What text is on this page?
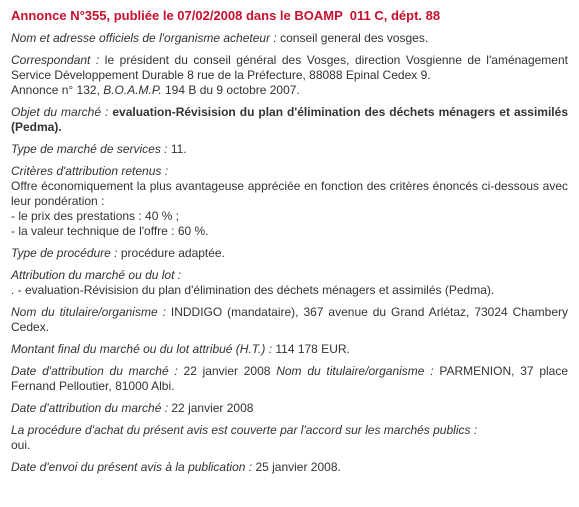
Annonce N°355, publiée le 07/02/2008 dans le BOAMP  011 C, dépt. 88
Nom et adresse officiels de l'organisme acheteur : conseil general des vosges.
Correspondant : le président du conseil général des Vosges, direction Vosgienne de l'aménagement Service Développement Durable 8 rue de la Préfecture, 88088 Epinal Cedex 9.
Annonce n° 132, B.O.A.M.P. 194 B du 9 octobre 2007.
Objet du marché : evaluation-Révisision du plan d'élimination des déchets ménagers et assimilés (Pedma).
Type de marché de services : 11.
Critères d'attribution retenus :
Offre économiquement la plus avantageuse appréciée en fonction des critères énoncés ci-dessous avec leur pondération :
- le prix des prestations : 40 % ;
- la valeur technique de l'offre : 60 %.
Type de procédure : procédure adaptée.
Attribution du marché ou du lot :
. - evaluation-Révisision du plan d'élimination des déchets ménagers et assimilés (Pedma).
Nom du titulaire/organisme : INDDIGO (mandataire), 367 avenue du Grand Arlétaz, 73024 Chambery Cedex.
Montant final du marché ou du lot attribué (H.T.) : 114 178 EUR.
Date d'attribution du marché : 22 janvier 2008 Nom du titulaire/organisme : PARMENION, 37 place Fernand Pelloutier, 81000 Albi.
Date d'attribution du marché : 22 janvier 2008
La procédure d'achat du présent avis est couverte par l'accord sur les marchés publics :
oui.
Date d'envoi du présent avis à la publication : 25 janvier 2008.
